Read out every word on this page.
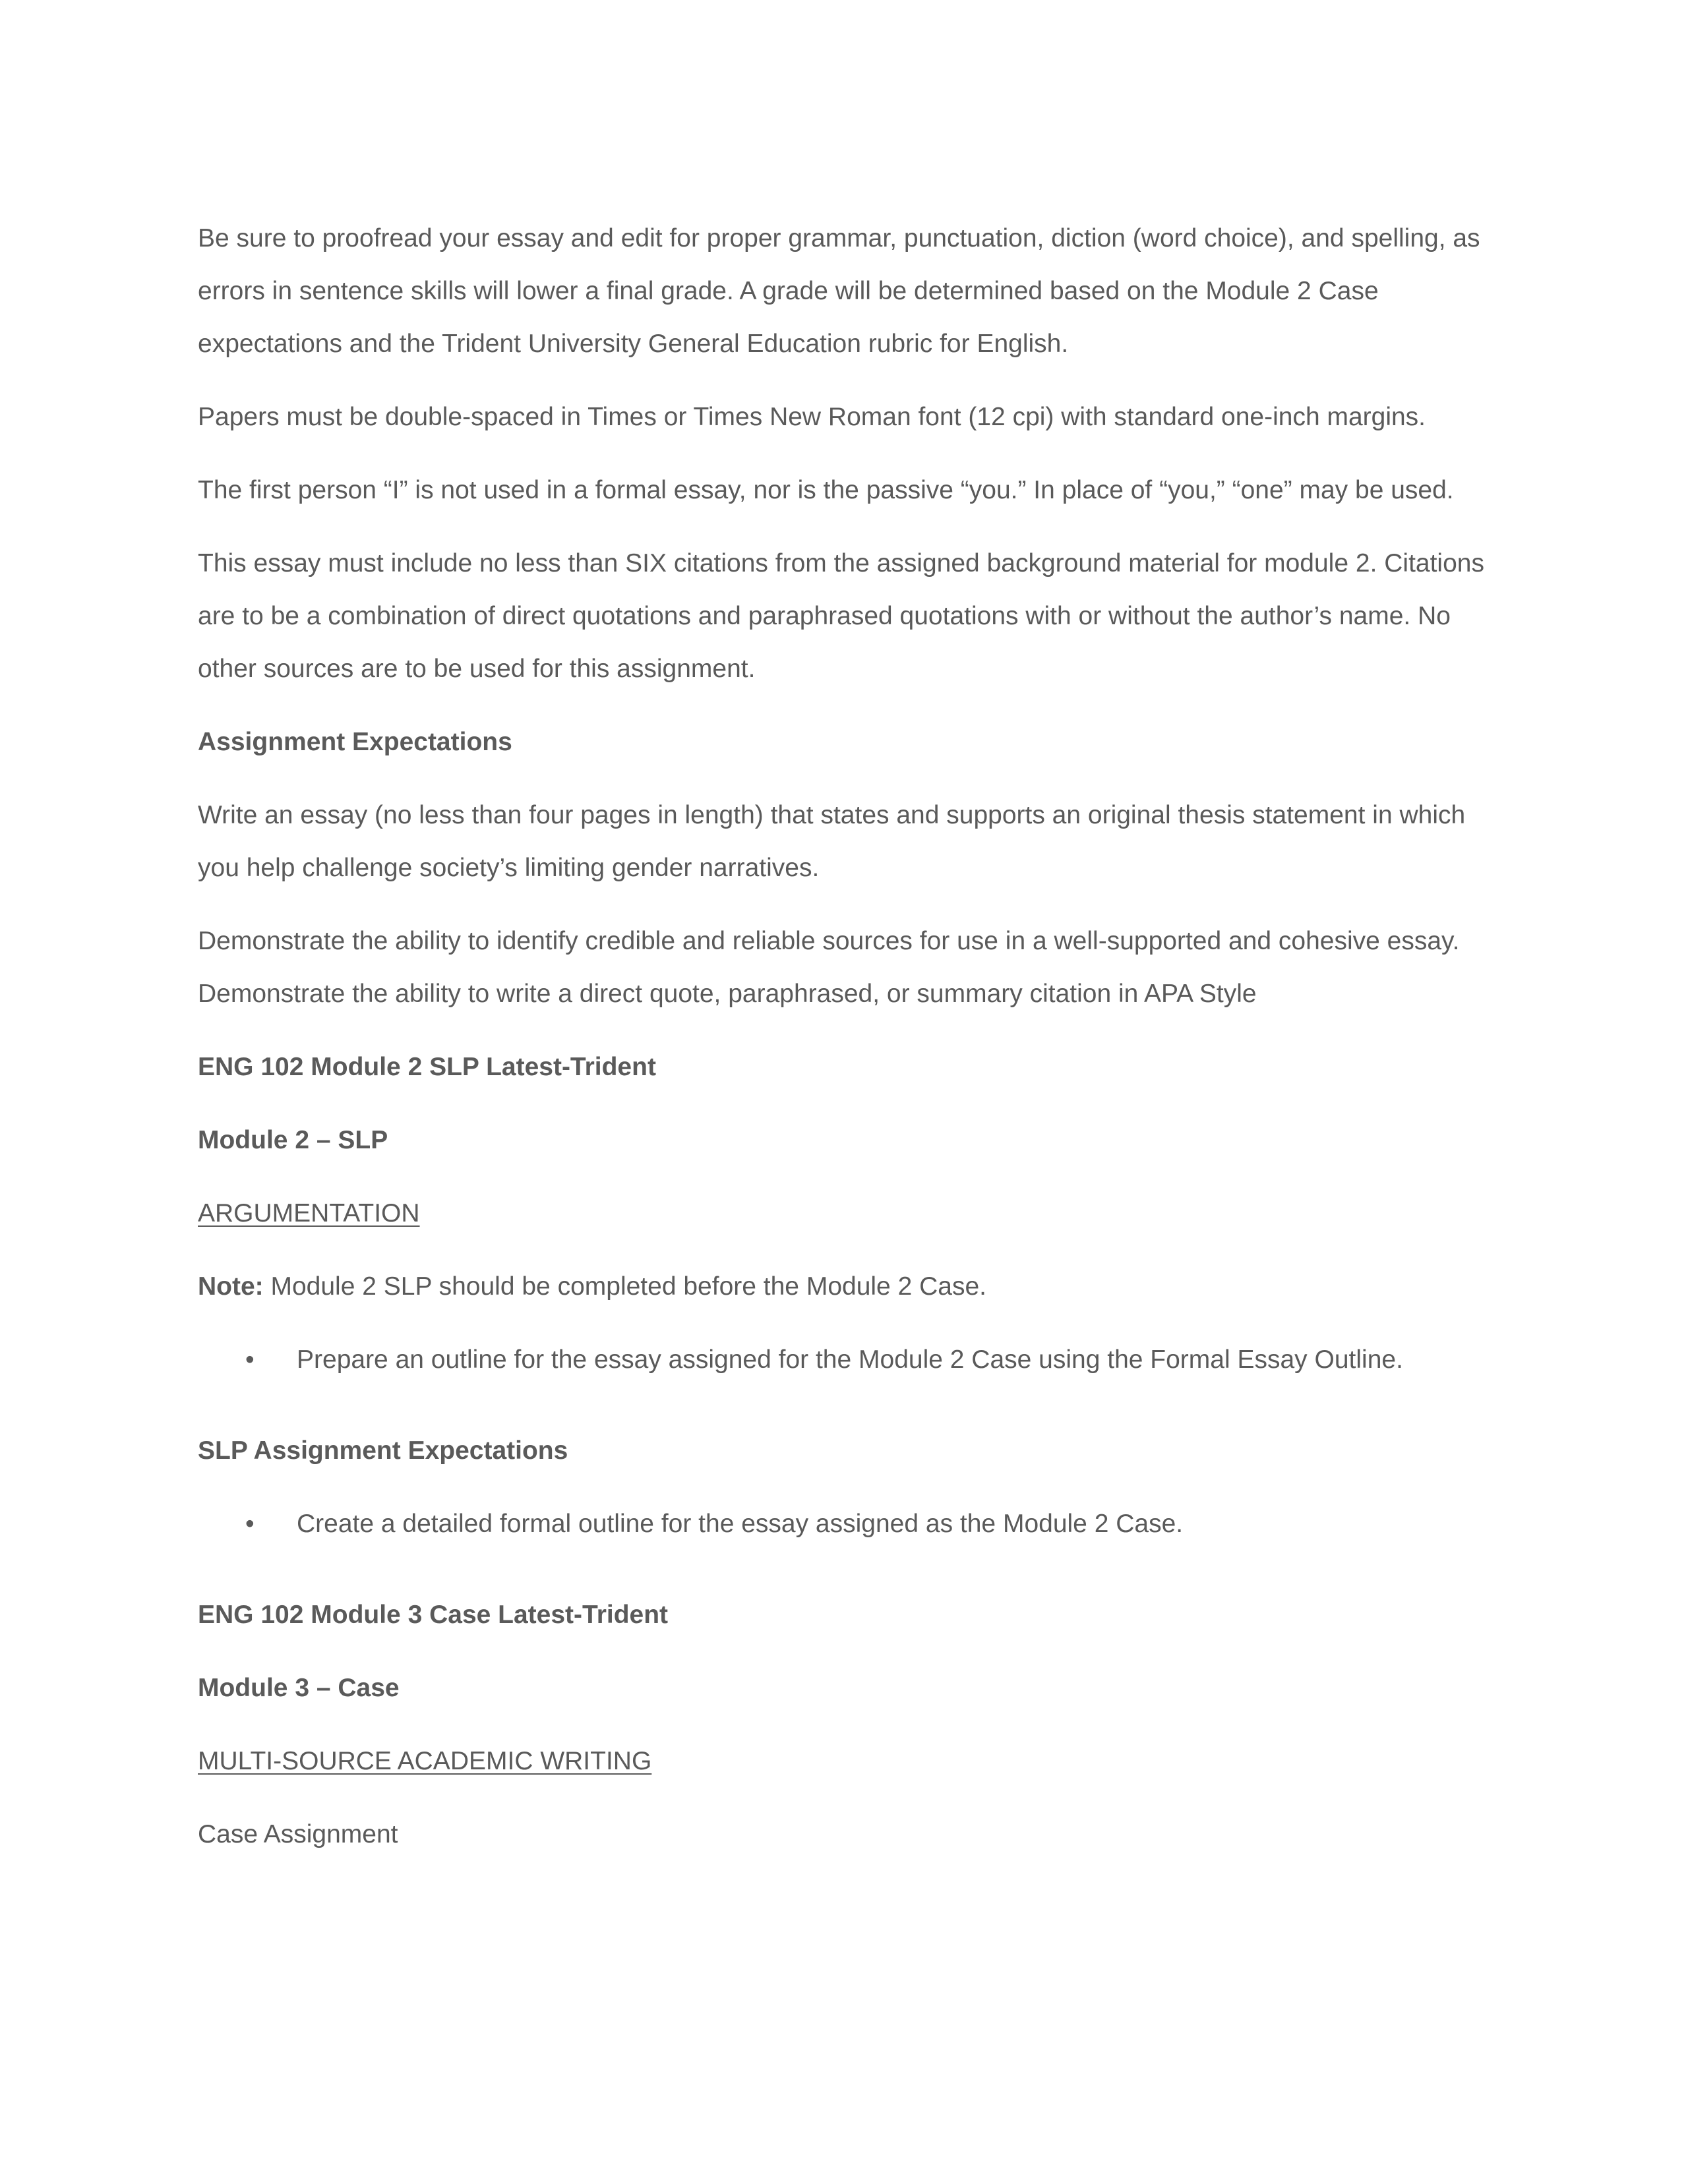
Be sure to proofread your essay and edit for proper grammar, punctuation, diction (word choice), and spelling, as errors in sentence skills will lower a final grade. A grade will be determined based on the Module 2 Case expectations and the Trident University General Education rubric for English.

Papers must be double-spaced in Times or Times New Roman font (12 cpi) with standard one-inch margins.

The first person “I” is not used in a formal essay, nor is the passive “you.” In place of “you,” “one” may be used.

This essay must include no less than SIX citations from the assigned background material for module 2. Citations are to be a combination of direct quotations and paraphrased quotations with or without the author’s name. No other sources are to be used for this assignment.

Assignment Expectations

Write an essay (no less than four pages in length) that states and supports an original thesis statement in which you help challenge society’s limiting gender narratives.

Demonstrate the ability to identify credible and reliable sources for use in a well-supported and cohesive essay. Demonstrate the ability to write a direct quote, paraphrased, or summary citation in APA Style

ENG 102 Module 2 SLP Latest-Trident

Module 2 – SLP

ARGUMENTATION

Note: Module 2 SLP should be completed before the Module 2 Case.

• Prepare an outline for the essay assigned for the Module 2 Case using the Formal Essay Outline.

SLP Assignment Expectations

• Create a detailed formal outline for the essay assigned as the Module 2 Case.

ENG 102 Module 3 Case Latest-Trident

Module 3 – Case

MULTI-SOURCE ACADEMIC WRITING

Case Assignment
